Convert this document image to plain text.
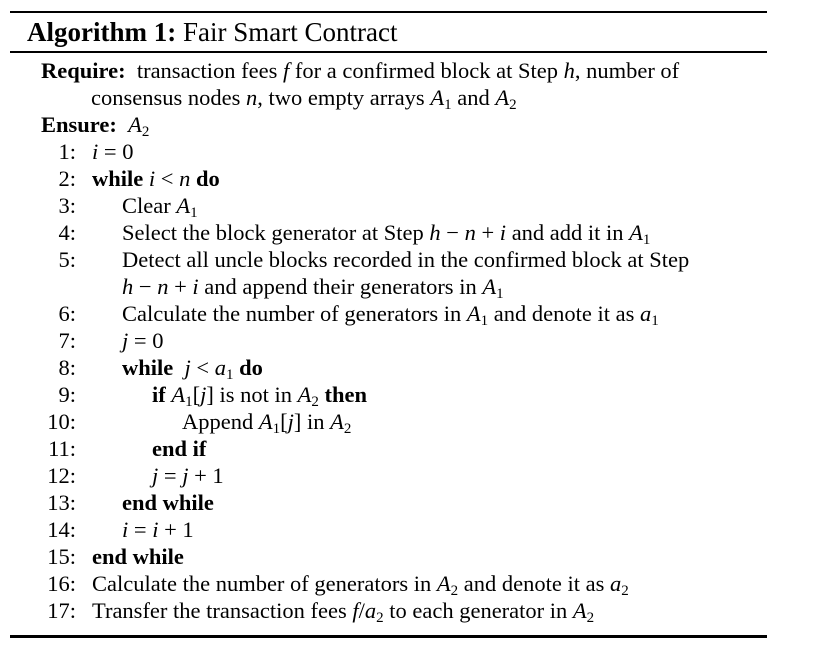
Algorithm 1: Fair Smart Contract
Require:  transaction fees f for a confirmed block at Step h, number of
consensus nodes n, two empty arrays $A_1$ and $A_2$
Ensure: $A_2$
1: i = 0
2: while i < n do
3: Clear $A_1$
4: Select the block generator at Step h − n + i and add it in $A_1$
5: Detect all uncle blocks recorded in the confirmed block at Step
h − n + i and append their generators in $A_1$
6: Calculate the number of generators in $A_1$ and denote it as $a_1$
7: j = 0
8: while $j < a_1$ do
9:	if $A_1[j]$ is not in $A_2$ then
10:	Append $A_1[j]$ in $A_2$
11:	end if
12:	j = j + 1
13: end while
14: i = i + 1
15: end while
16: Calculate the number of generators in $A_2$ and denote it as $a_2$
17: Transfer the transaction fees $f/a_2$ to each generator in $A_2$
